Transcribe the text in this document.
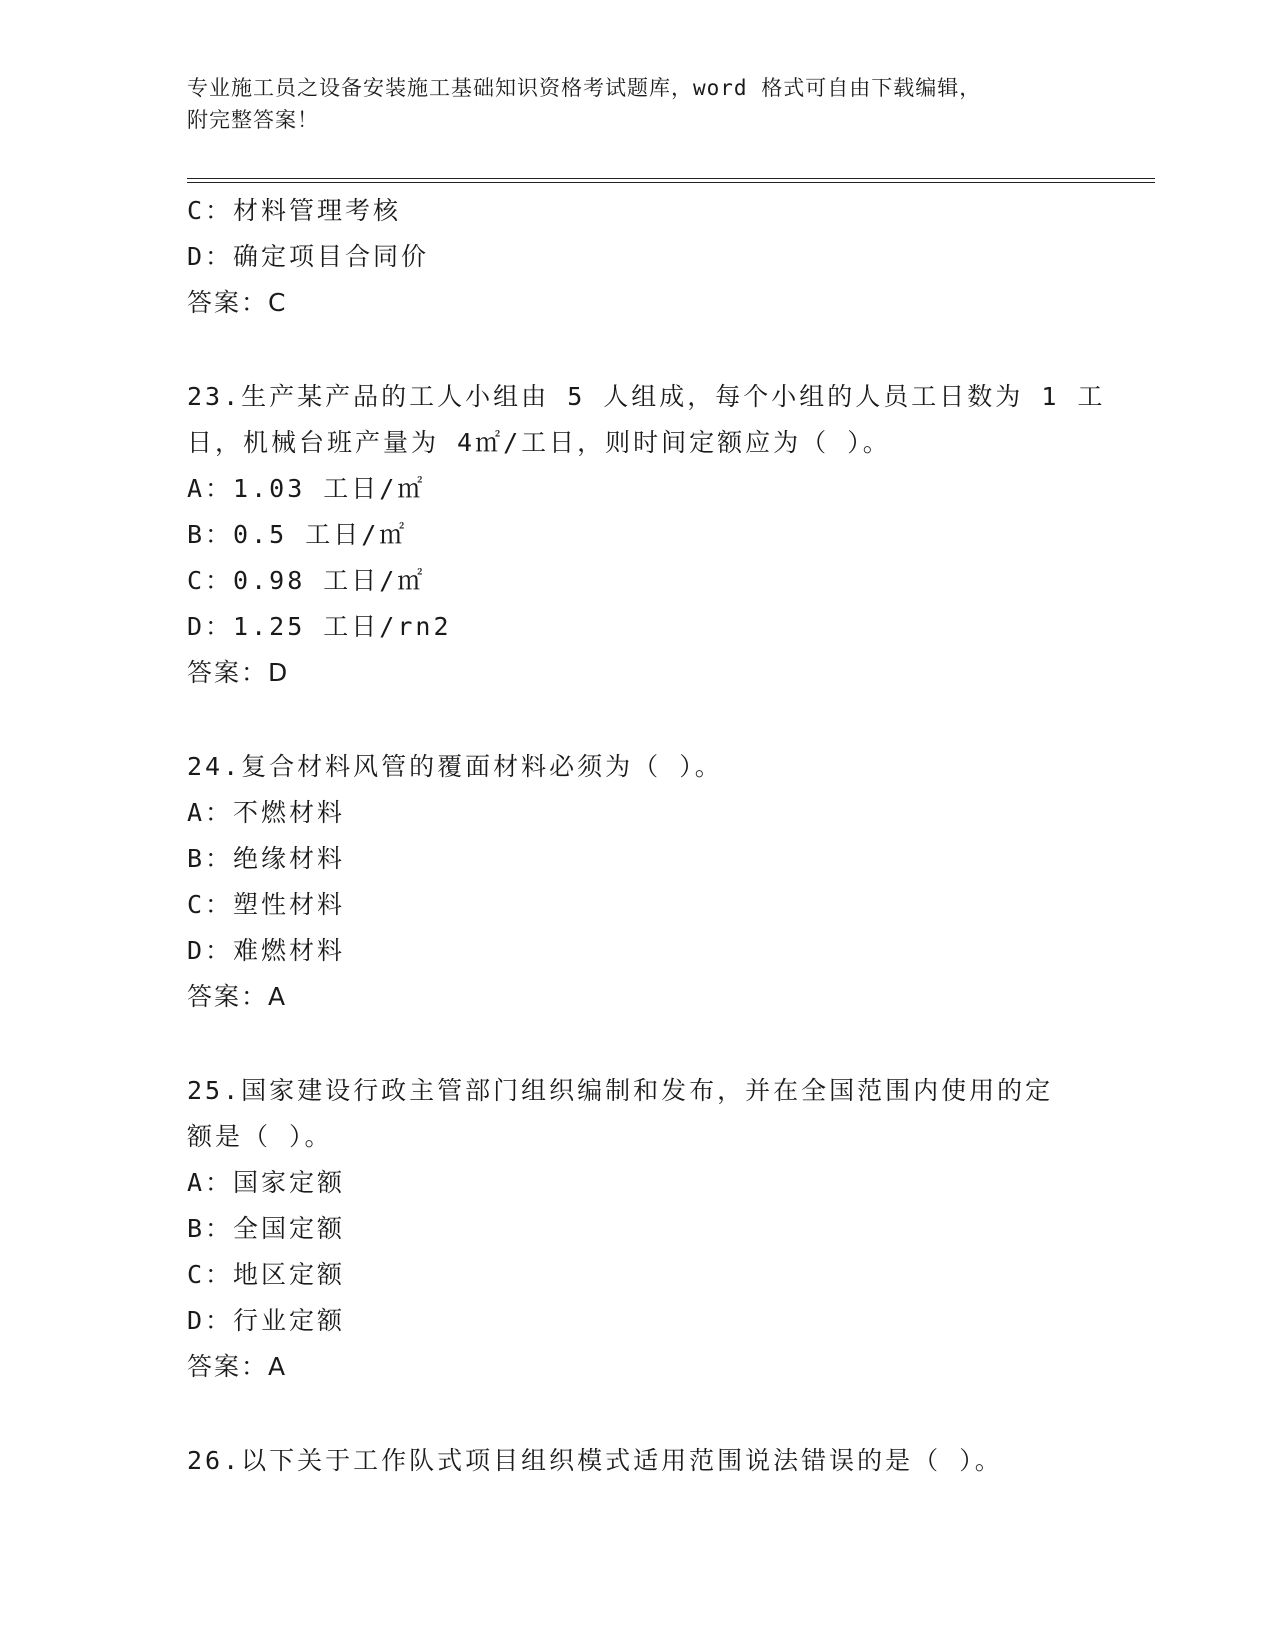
专业施工员之设备安装施工基础知识资格考试题库，word 格式可自由下载编辑，
附完整答案！
C：材料管理考核
D：确定项目合同价
答案：C
23.生产某产品的工人小组由 5 人组成，每个小组的人员工日数为 1 工
日，机械台班产量为 4㎡/工日，则时间定额应为（ ）。
A：1.03 工日/㎡
B：0.5 工日/㎡
C：0.98 工日/㎡
D：1.25 工日/rn2
答案：D
24.复合材料风管的覆面材料必须为（ ）。
A：不燃材料
B：绝缘材料
C：塑性材料
D：难燃材料
答案：A
25.国家建设行政主管部门组织编制和发布，并在全国范围内使用的定
额是（ ）。
A：国家定额
B：全国定额
C：地区定额
D：行业定额
答案：A
26.以下关于工作队式项目组织模式适用范围说法错误的是（ ）。
